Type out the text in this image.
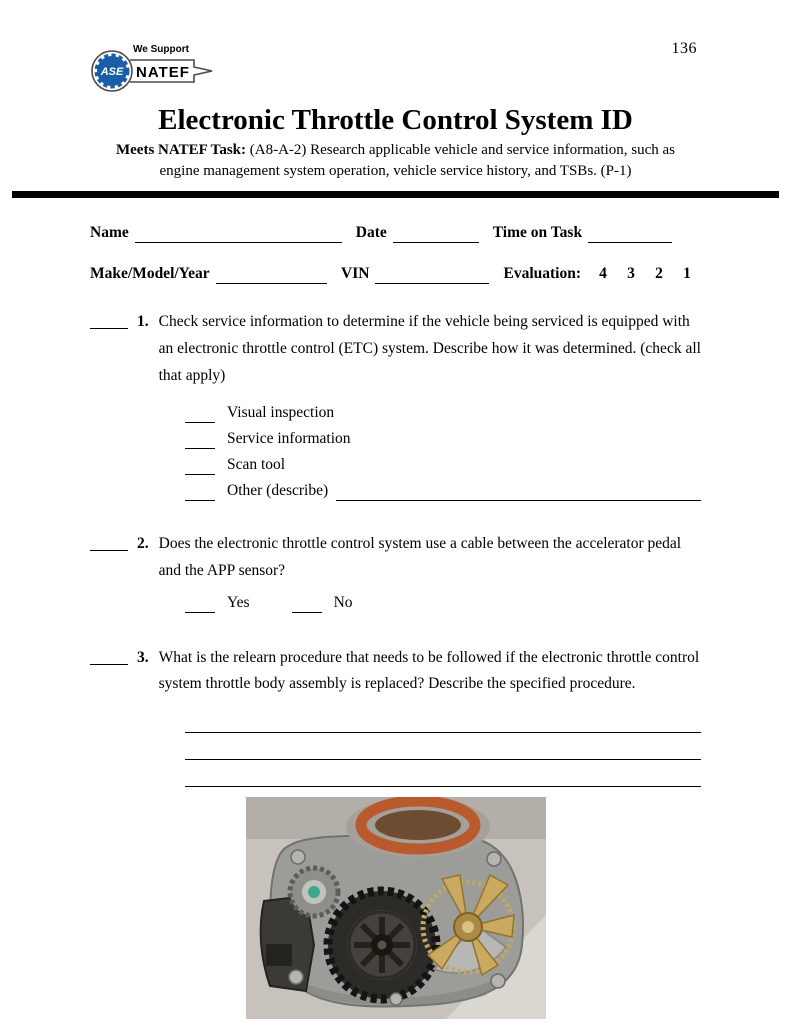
We Support
ASE NATEF
136
Electronic Throttle Control System ID
Meets NATEF Task: (A8-A-2) Research applicable vehicle and service information, such as
engine management system operation, vehicle service history, and TSBs. (P-1)
Name	Date	Time on Task
Make/Model/Year	VIN	Evaluation:	4	3	2	1
1. Check service information to determine if the vehicle being serviced is equipped with an electronic throttle control (ETC) system. Describe how it was determined. (check all that apply)
Visual inspection
Service information
Scan tool
Other (describe)
2. Does the electronic throttle control system use a cable between the accelerator pedal and the APP sensor?
Yes	No
3. What is the relearn procedure that needs to be followed if the electronic throttle control system throttle body assembly is replaced? Describe the specified procedure.
